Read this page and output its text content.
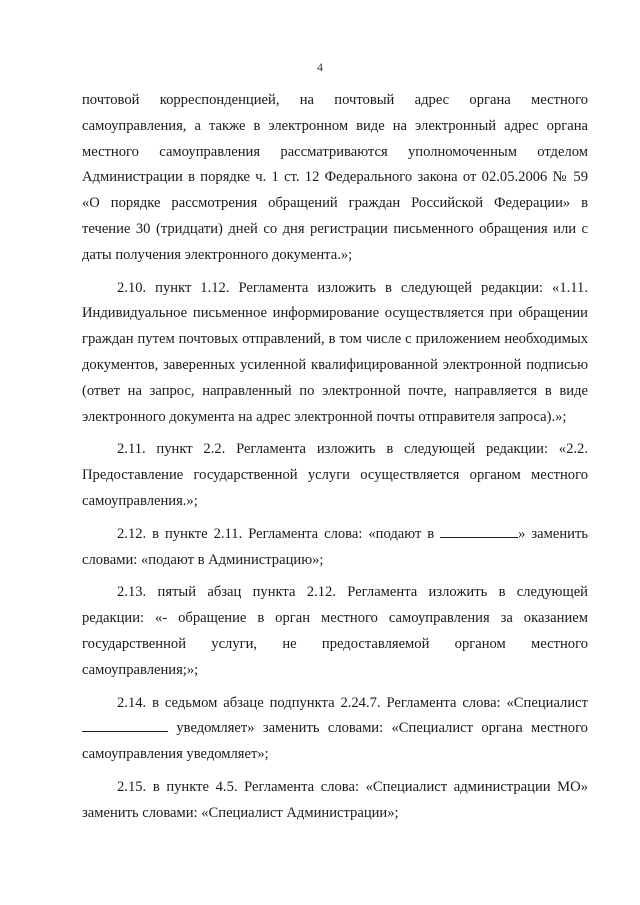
4

почтовой корреспонденцией, на почтовый адрес органа местного самоуправления, а также в электронном виде на электронный адрес органа местного самоуправления рассматриваются уполномоченным отделом Администрации в порядке ч. 1 ст. 12 Федерального закона от 02.05.2006 № 59 «О порядке рассмотрения обращений граждан Российской Федерации» в течение 30 (тридцати) дней со дня регистрации письменного обращения или с даты получения электронного документа.»;

2.10. пункт 1.12. Регламента изложить в следующей редакции: «1.11. Индивидуальное письменное информирование осуществляется при обращении граждан путем почтовых отправлений, в том числе с приложением необходимых документов, заверенных усиленной квалифицированной электронной подписью (ответ на запрос, направленный по электронной почте, направляется в виде электронного документа на адрес электронной почты отправителя запроса).»;

2.11. пункт 2.2. Регламента изложить в следующей редакции: «2.2. Предоставление государственной услуги осуществляется органом местного самоуправления.»;

2.12. в пункте 2.11. Регламента слова: «подают в	» заменить словами: «подают в Администрацию»;

2.13. пятый абзац пункта 2.12. Регламента изложить в следующей редакции: «- обращение в орган местного самоуправления за оказанием государственной услуги, не предоставляемой органом местного самоуправления;»;

2.14. в седьмом абзаце подпункта 2.24.7. Регламента слова: «Специалист  уведомляет» заменить словами: «Специалист органа местного самоуправления уведомляет»;

2.15. в пункте 4.5. Регламента слова: «Специалист администрации МО» заменить словами: «Специалист Администрации»;
